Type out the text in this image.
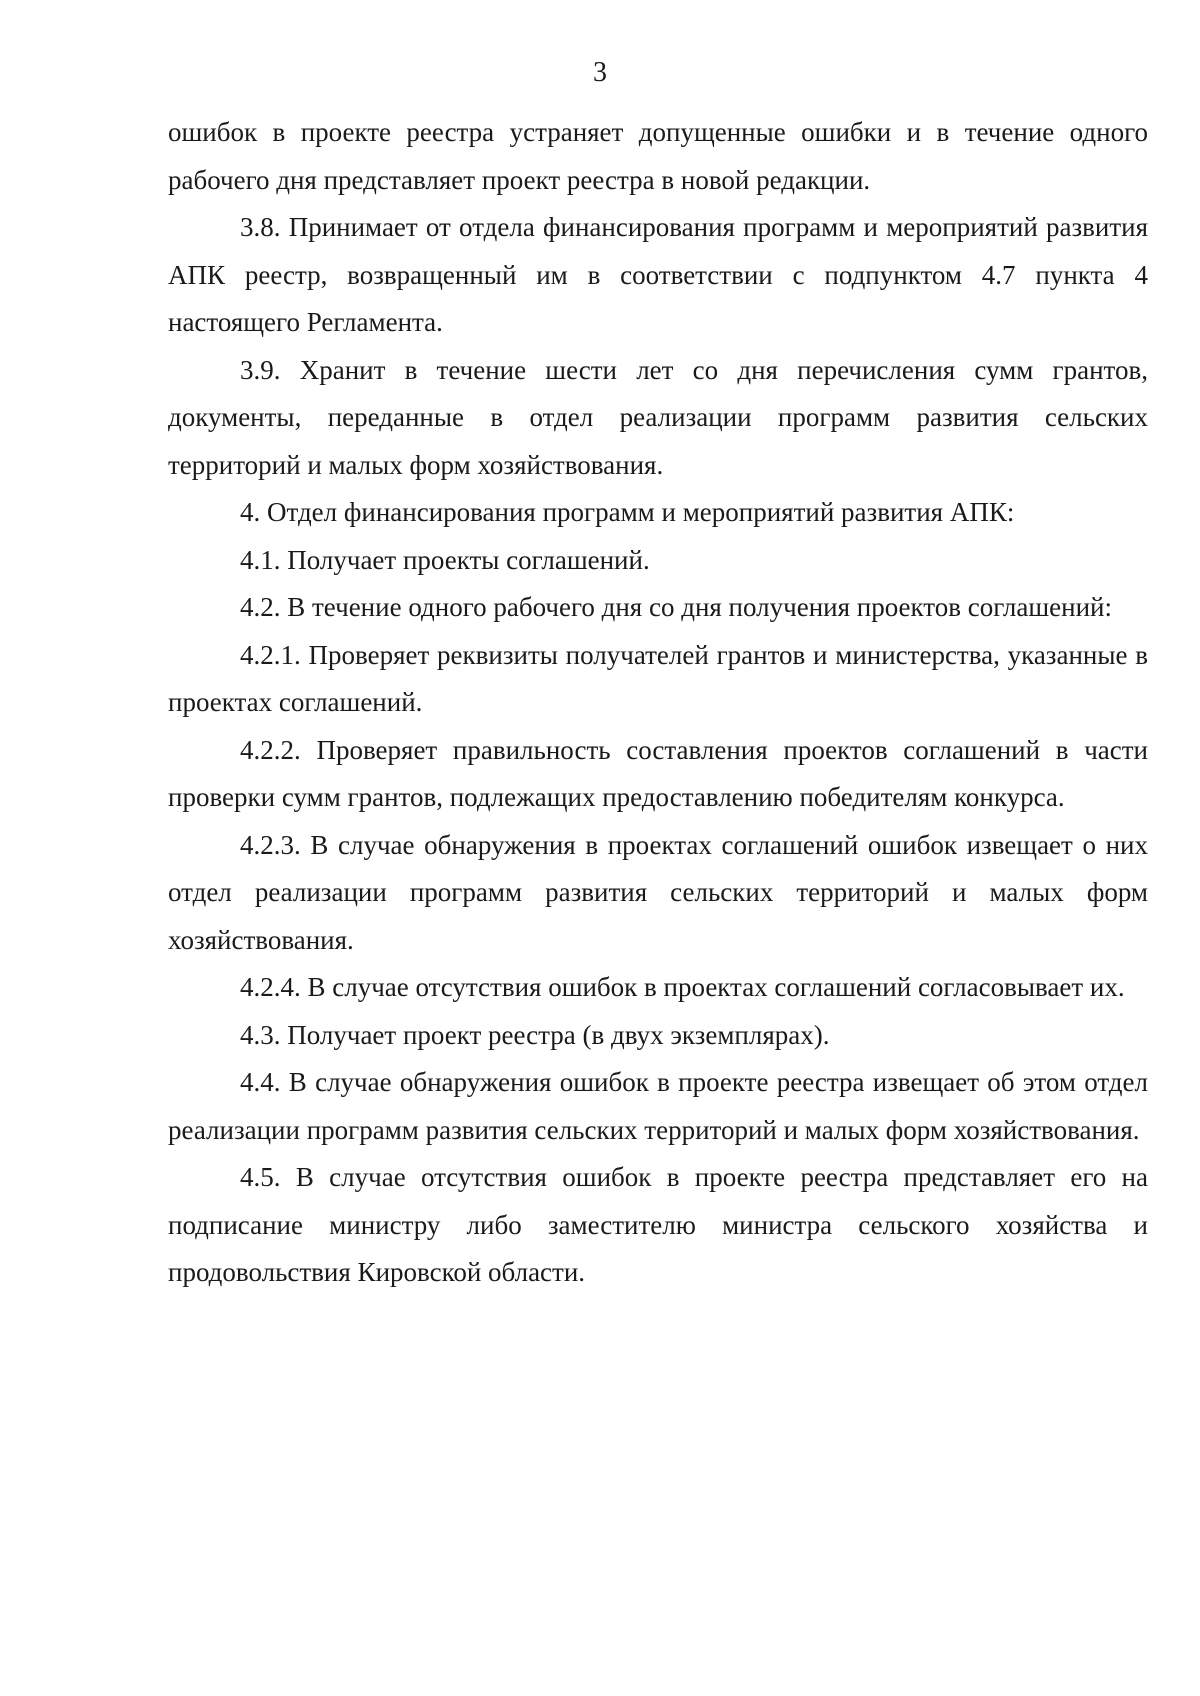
3

ошибок в проекте реестра устраняет допущенные ошибки и в течение одного рабочего дня представляет проект реестра в новой редакции.

3.8. Принимает от отдела финансирования программ и мероприятий развития АПК реестр, возвращенный им в соответствии с подпунктом 4.7 пункта 4 настоящего Регламента.

3.9. Хранит в течение шести лет со дня перечисления сумм грантов, документы, переданные в отдел реализации программ развития сельских территорий и малых форм хозяйствования.

4. Отдел финансирования программ и мероприятий развития АПК:

4.1. Получает проекты соглашений.

4.2. В течение одного рабочего дня со дня получения проектов соглашений:

4.2.1. Проверяет реквизиты получателей грантов и министерства, указанные в проектах соглашений.

4.2.2. Проверяет правильность составления проектов соглашений в части проверки сумм грантов, подлежащих предоставлению победителям конкурса.

4.2.3. В случае обнаружения в проектах соглашений ошибок извещает о них отдел реализации программ развития сельских территорий и малых форм хозяйствования.

4.2.4. В случае отсутствия ошибок в проектах соглашений согласовывает их.

4.3. Получает проект реестра (в двух экземплярах).

4.4. В случае обнаружения ошибок в проекте реестра извещает об этом отдел реализации программ развития сельских территорий и малых форм хозяйствования.

4.5. В случае отсутствия ошибок в проекте реестра представляет его на подписание министру либо заместителю министра сельского хозяйства и продовольствия Кировской области.
